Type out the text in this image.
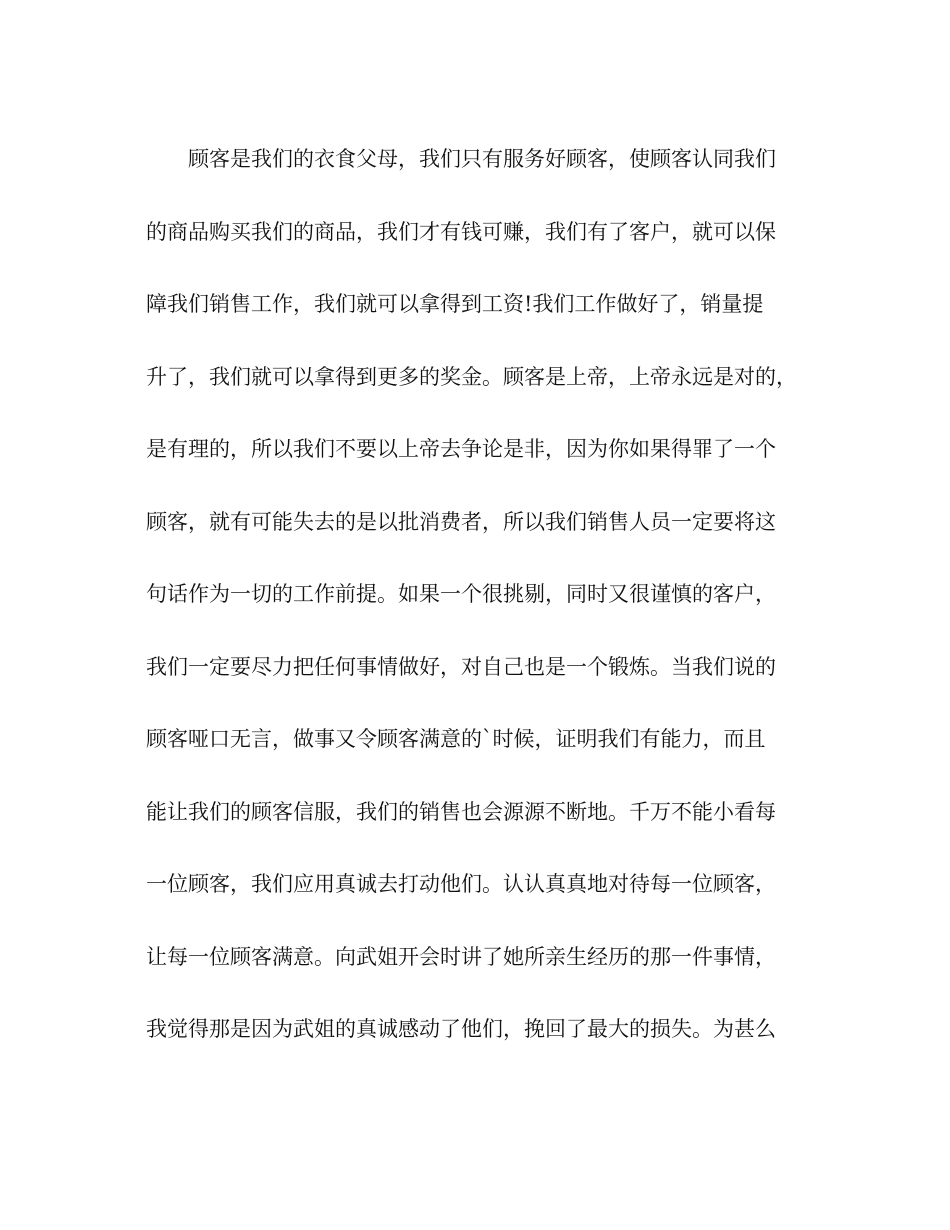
顾客是我们的衣食父母，我们只有服务好顾客，使顾客认同我们
的商品购买我们的商品，我们才有钱可赚，我们有了客户，就可以保
障我们销售工作，我们就可以拿得到工资!我们工作做好了，销量提
升了，我们就可以拿得到更多的奖金。顾客是上帝，上帝永远是对的，
是有理的，所以我们不要以上帝去争论是非，因为你如果得罪了一个
顾客，就有可能失去的是以批消费者，所以我们销售人员一定要将这
句话作为一切的工作前提。如果一个很挑剔，同时又很谨慎的客户，
我们一定要尽力把任何事情做好，对自己也是一个锻炼。当我们说的
顾客哑口无言，做事又令顾客满意的`时候，证明我们有能力，而且
能让我们的顾客信服，我们的销售也会源源不断地。千万不能小看每
一位顾客，我们应用真诚去打动他们。认认真真地对待每一位顾客，
让每一位顾客满意。向武姐开会时讲了她所亲生经历的那一件事情，
我觉得那是因为武姐的真诚感动了他们，挽回了最大的损失。为甚么
